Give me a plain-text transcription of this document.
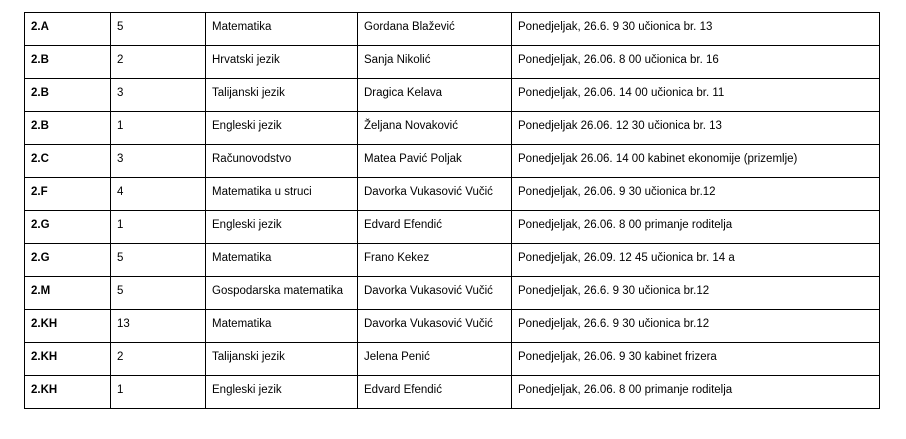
2.A	5	Matematika	Gordana Blažević	Ponedjeljak, 26.6. 9 30 učionica br. 13

2.B	2	Hrvatski jezik	Sanja Nikolić	Ponedjeljak, 26.06. 8 00 učionica br. 16

2.B	3	Talijanski jezik	Dragica Kelava	Ponedjeljak, 26.06. 14 00 učionica br. 11

2.B	1	Engleski jezik	Željana Novaković	Ponedjeljak 26.06. 12 30 učionica br. 13

2.C	3	Računovodstvo	Matea Pavić Poljak	Ponedjeljak 26.06. 14 00 kabinet ekonomije (prizemlje)

2.F	4	Matematika u struci	Davorka Vukasović Vučić	Ponedjeljak, 26.06. 9 30 učionica br.12

2.G	1	Engleski jezik	Edvard Efendić	Ponedjeljak, 26.06. 8 00 primanje roditelja

2.G	5	Matematika	Frano Kekez	Ponedjeljak, 26.09. 12 45 učionica br. 14 a

2.M	5	Gospodarska matematika	Davorka Vukasović Vučić	Ponedjeljak, 26.6. 9 30 učionica br.12

2.KH	13	Matematika	Davorka Vukasović Vučić	Ponedjeljak, 26.6. 9 30 učionica br.12

2.KH	2	Talijanski jezik	Jelena Penić	Ponedjeljak, 26.06. 9 30 kabinet frizera

2.KH	1	Engleski jezik	Edvard Efendić	Ponedjeljak, 26.06. 8 00 primanje roditelja
